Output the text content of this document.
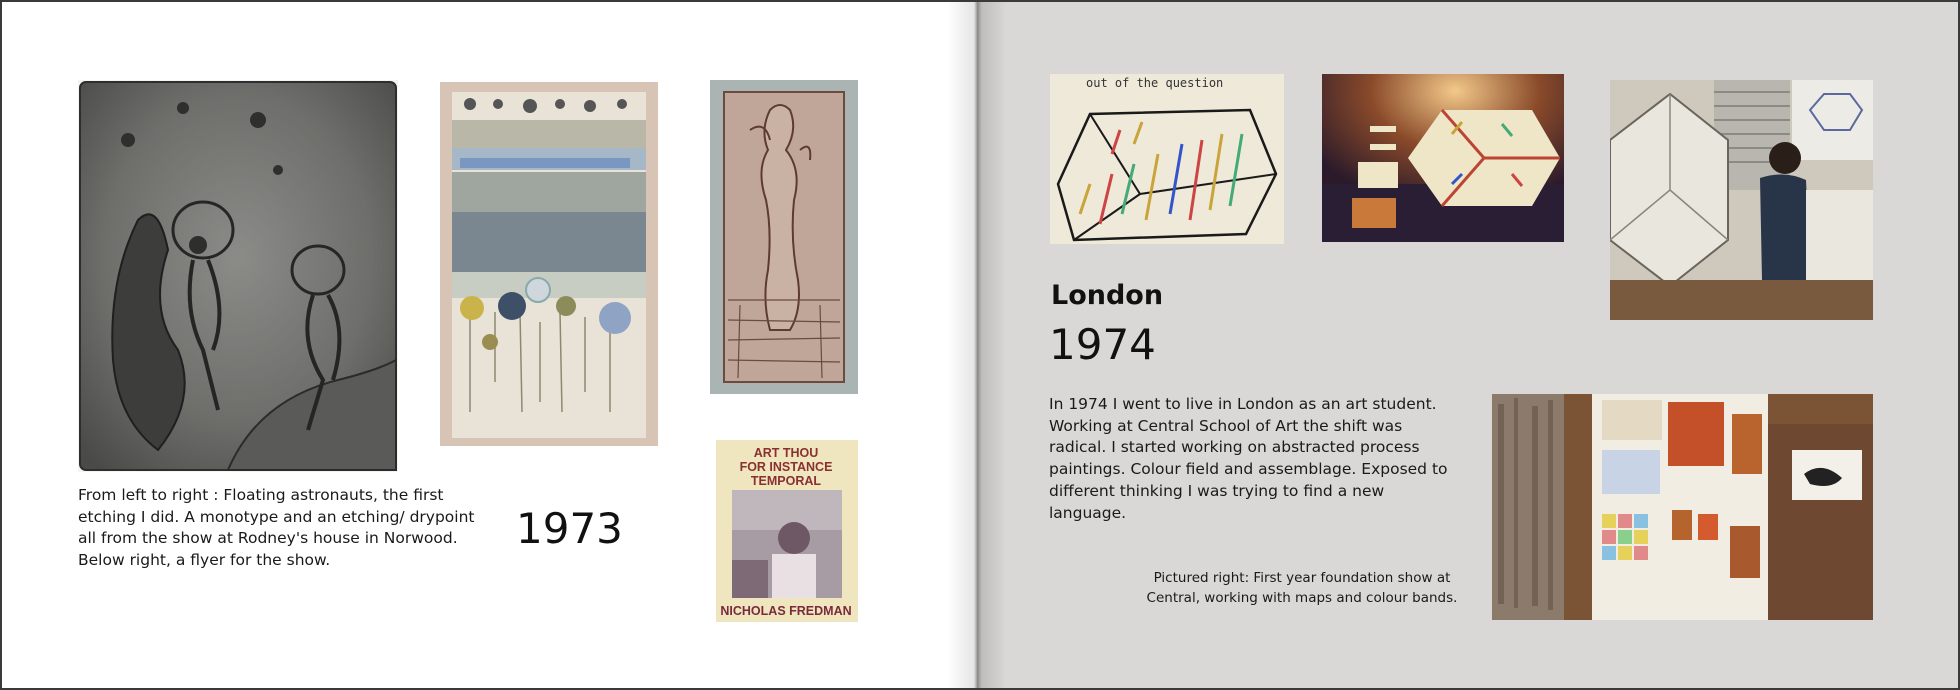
ART THOU
FOR INSTANCE
TEMPORAL
NICHOLAS FREDMAN
From left to right : Floating astronauts, the first
etching I did. A monotype and an etching/ drypoint
all from the show at Rodney's house in Norwood.
Below right, a flyer for the show.
1973
out of the question
London
1974
In 1974 I went to live in London as an art student.
Working at Central School of Art the shift was
radical. I started working on abstracted process
paintings. Colour field and assemblage. Exposed to
different thinking I was trying to find a new
language.
Pictured right: First year foundation show at
Central, working with maps and colour bands.
